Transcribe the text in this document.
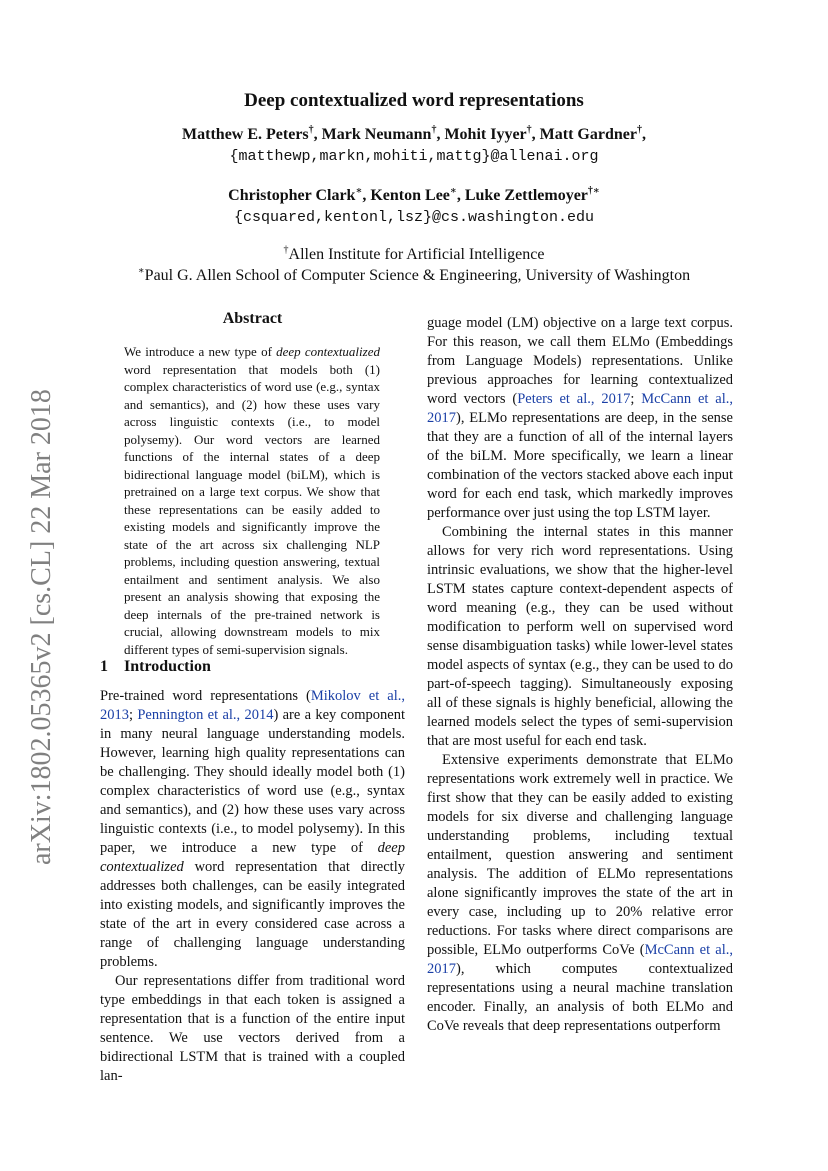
arXiv:1802.05365v2 [cs.CL] 22 Mar 2018
Deep contextualized word representations
Matthew E. Peters†, Mark Neumann†, Mohit Iyyer†, Matt Gardner†,
{matthewp,markn,mohiti,mattg}@allenai.org
Christopher Clark∗, Kenton Lee∗, Luke Zettlemoyer†∗
{csquared,kentonl,lsz}@cs.washington.edu
†Allen Institute for Artificial Intelligence
∗Paul G. Allen School of Computer Science & Engineering, University of Washington
Abstract
We introduce a new type of deep contextualized word representation that models both (1) complex characteristics of word use (e.g., syntax and semantics), and (2) how these uses vary across linguistic contexts (i.e., to model polysemy). Our word vectors are learned functions of the internal states of a deep bidirectional language model (biLM), which is pretrained on a large text corpus. We show that these representations can be easily added to existing models and significantly improve the state of the art across six challenging NLP problems, including question answering, textual entailment and sentiment analysis. We also present an analysis showing that exposing the deep internals of the pre-trained network is crucial, allowing downstream models to mix different types of semi-supervision signals.
1 Introduction

Pre-trained word representations (Mikolov et al., 2013; Pennington et al., 2014) are a key component in many neural language understanding models. However, learning high quality representations can be challenging. They should ideally model both (1) complex characteristics of word use (e.g., syntax and semantics), and (2) how these uses vary across linguistic contexts (i.e., to model polysemy). In this paper, we introduce a new type of deep contextualized word representation that directly addresses both challenges, can be easily integrated into existing models, and significantly improves the state of the art in every considered case across a range of challenging language understanding problems.

Our representations differ from traditional word type embeddings in that each token is assigned a representation that is a function of the entire input sentence. We use vectors derived from a bidirectional LSTM that is trained with a coupled lan-

guage model (LM) objective on a large text corpus. For this reason, we call them ELMo (Embeddings from Language Models) representations. Unlike previous approaches for learning contextualized word vectors (Peters et al., 2017; McCann et al., 2017), ELMo representations are deep, in the sense that they are a function of all of the internal layers of the biLM. More specifically, we learn a linear combination of the vectors stacked above each input word for each end task, which markedly improves performance over just using the top LSTM layer.

Combining the internal states in this manner allows for very rich word representations. Using intrinsic evaluations, we show that the higher-level LSTM states capture context-dependent aspects of word meaning (e.g., they can be used without modification to perform well on supervised word sense disambiguation tasks) while lower-level states model aspects of syntax (e.g., they can be used to do part-of-speech tagging). Simultaneously exposing all of these signals is highly beneficial, allowing the learned models select the types of semi-supervision that are most useful for each end task.

Extensive experiments demonstrate that ELMo representations work extremely well in practice. We first show that they can be easily added to existing models for six diverse and challenging language understanding problems, including textual entailment, question answering and sentiment analysis. The addition of ELMo representations alone significantly improves the state of the art in every case, including up to 20% relative error reductions. For tasks where direct comparisons are possible, ELMo outperforms CoVe (McCann et al., 2017), which computes contextualized representations using a neural machine translation encoder. Finally, an analysis of both ELMo and CoVe reveals that deep representations outperform
